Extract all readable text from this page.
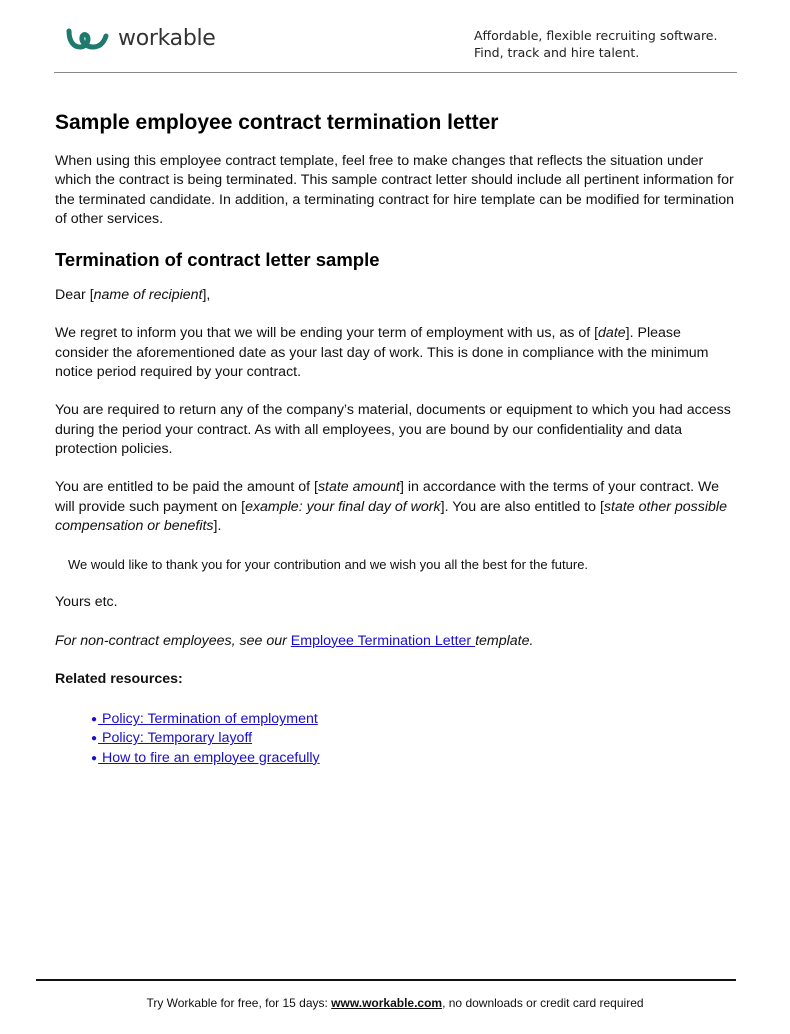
workable	Affordable, flexible recruiting software.
Find, track and hire talent.
Sample employee contract termination letter

When using this employee contract template, feel free to make changes that reflects the situation under which the contract is being terminated. This sample contract letter should include all pertinent information for the terminated candidate. In addition, a terminating contract for hire template can be modified for termination of other services.

Termination of contract letter sample

Dear [name of recipient],

We regret to inform you that we will be ending your term of employment with us, as of [date]. Please consider the aforementioned date as your last day of work. This is done in compliance with the minimum notice period required by your contract.

You are required to return any of the company’s material, documents or equipment to which you had access during the period your contract. As with all employees, you are bound by our confidentiality and data protection policies.

You are entitled to be paid the amount of [state amount] in accordance with the terms of your contract. We will provide such payment on [example: your final day of work]. You are also entitled to [state other possible compensation or benefits].

We would like to thank you for your contribution and we wish you all the best for the future.

Yours etc.

For non-contract employees, see our Employee Termination Letter template.

Related resources:
● Policy: Termination of employment
● Policy: Temporary layoff
● How to fire an employee gracefully
Try Workable for free, for 15 days: www.workable.com, no downloads or credit card required
